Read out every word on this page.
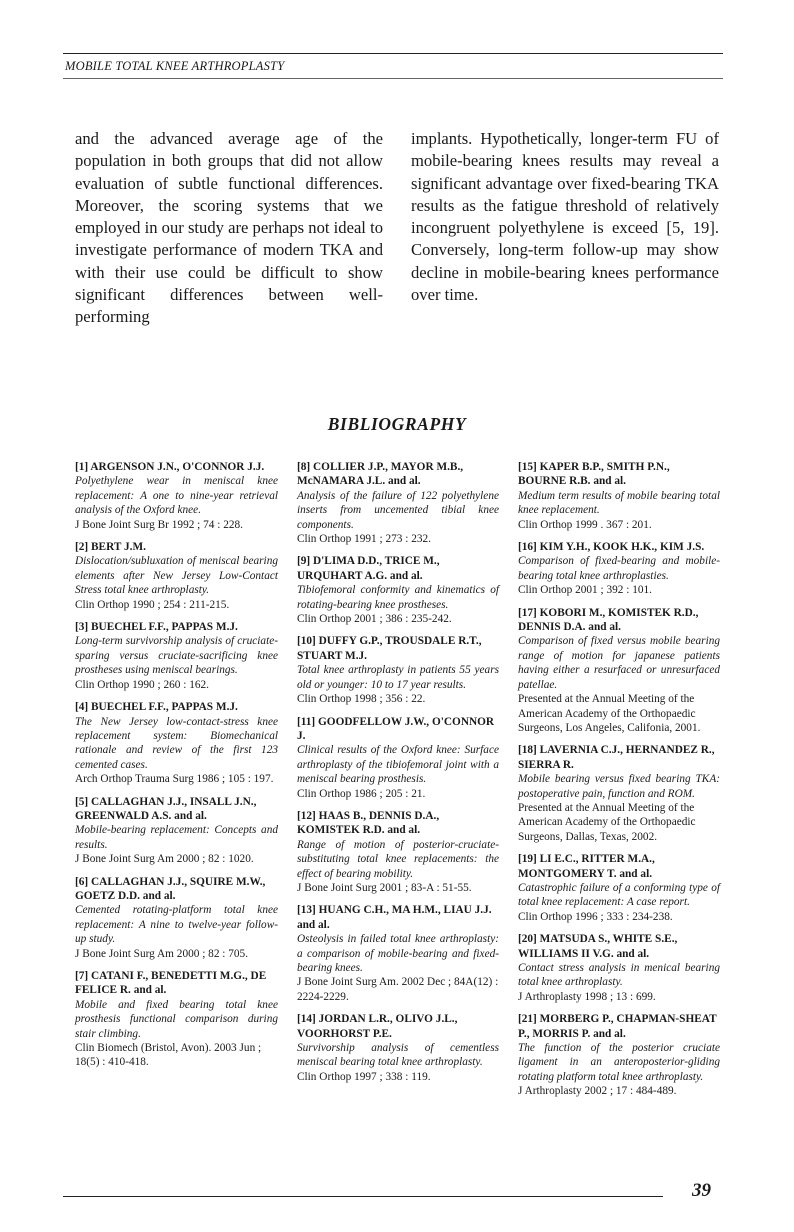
MOBILE TOTAL KNEE ARTHROPLASTY
and the advanced average age of the population in both groups that did not allow evaluation of subtle functional differences. Moreover, the scoring systems that we employed in our study are perhaps not ideal to investigate performance of modern TKA and with their use could be difficult to show significant differences between well-performing
implants. Hypothetically, longer-term FU of mobile-bearing knees results may reveal a significant advantage over fixed-bearing TKA results as the fatigue threshold of relatively incongruent polyethylene is exceed [5, 19]. Conversely, long-term follow-up may show decline in mobile-bearing knees performance over time.
BIBLIOGRAPHY
[1] ARGENSON J.N., O'CONNOR J.J.
Polyethylene wear in meniscal knee replacement: A one to nine-year retrieval analysis of the Oxford knee.
J Bone Joint Surg Br 1992 ; 74 : 228.
[2] BERT J.M.
Dislocation/subluxation of meniscal bearing elements after New Jersey Low-Contact Stress total knee arthroplasty.
Clin Orthop 1990 ; 254 : 211-215.
[3] BUECHEL F.F., PAPPAS M.J.
Long-term survivorship analysis of cruciate-sparing versus cruciate-sacrificing knee prostheses using meniscal bearings.
Clin Orthop 1990 ; 260 : 162.
[4] BUECHEL F.F., PAPPAS M.J.
The New Jersey low-contact-stress knee replacement system: Biomechanical rationale and review of the first 123 cemented cases.
Arch Orthop Trauma Surg 1986 ; 105 : 197.
[5] CALLAGHAN J.J., INSALL J.N., GREENWALD A.S. and al.
Mobile-bearing replacement: Concepts and results.
J Bone Joint Surg Am 2000 ; 82 : 1020.
[6] CALLAGHAN J.J., SQUIRE M.W., GOETZ D.D. and al.
Cemented rotating-platform total knee replacement: A nine to twelve-year follow-up study.
J Bone Joint Surg Am 2000 ; 82 : 705.
[7] CATANI F., BENEDETTI M.G., DE FELICE R. and al.
Mobile and fixed bearing total knee prosthesis functional comparison during stair climbing.
Clin Biomech (Bristol, Avon). 2003 Jun ; 18(5) : 410-418.
[8] COLLIER J.P., MAYOR M.B., McNAMARA J.L. and al.
Analysis of the failure of 122 polyethylene inserts from uncemented tibial knee components.
Clin Orthop 1991 ; 273 : 232.
[9] D'LIMA D.D., TRICE M., URQUHART A.G. and al.
Tibiofemoral conformity and kinematics of rotating-bearing knee prostheses.
Clin Orthop 2001 ; 386 : 235-242.
[10] DUFFY G.P., TROUSDALE R.T., STUART M.J.
Total knee arthroplasty in patients 55 years old or younger: 10 to 17 year results.
Clin Orthop 1998 ; 356 : 22.
[11] GOODFELLOW J.W., O'CONNOR J.
Clinical results of the Oxford knee: Surface arthroplasty of the tibiofemoral joint with a meniscal bearing prosthesis.
Clin Orthop 1986 ; 205 : 21.
[12] HAAS B., DENNIS D.A., KOMISTEK R.D. and al.
Range of motion of posterior-cruciate-substituting total knee replacements: the effect of bearing mobility.
J Bone Joint Surg 2001 ; 83-A : 51-55.
[13] HUANG C.H., MA H.M., LIAU J.J. and al.
Osteolysis in failed total knee arthroplasty: a comparison of mobile-bearing and fixed-bearing knees.
J Bone Joint Surg Am. 2002 Dec ; 84A(12) : 2224-2229.
[14] JORDAN L.R., OLIVO J.L., VOORHORST P.E.
Survivorship analysis of cementless meniscal bearing total knee arthroplasty.
Clin Orthop 1997 ; 338 : 119.
[15] KAPER B.P., SMITH P.N., BOURNE R.B. and al.
Medium term results of mobile bearing total knee replacement.
Clin Orthop 1999 . 367 : 201.
[16] KIM Y.H., KOOK H.K., KIM J.S.
Comparison of fixed-bearing and mobile-bearing total knee arthroplasties.
Clin Orthop 2001 ; 392 : 101.
[17] KOBORI M., KOMISTEK R.D., DENNIS D.A. and al.
Comparison of fixed versus mobile bearing range of motion for japanese patients having either a resurfaced or unresurfaced patellae.
Presented at the Annual Meeting of the American Academy of the Orthopaedic Surgeons, Los Angeles, Califonia, 2001.
[18] LAVERNIA C.J., HERNANDEZ R., SIERRA R.
Mobile bearing versus fixed bearing TKA: postoperative pain, function and ROM.
Presented at the Annual Meeting of the American Academy of the Orthopaedic Surgeons, Dallas, Texas, 2002.
[19] LI E.C., RITTER M.A., MONTGOMERY T. and al.
Catastrophic failure of a conforming type of total knee replacement: A case report.
Clin Orthop 1996 ; 333 : 234-238.
[20] MATSUDA S., WHITE S.E., WILLIAMS II V.G. and al.
Contact stress analysis in menical bearing total knee arthroplasty.
J Arthroplasty 1998 ; 13 : 699.
[21] MORBERG P., CHAPMAN-SHEAT P., MORRIS P. and al.
The function of the posterior cruciate ligament in an anteroposterior-gliding rotating platform total knee arthroplasty.
J Arthroplasty 2002 ; 17 : 484-489.
39
